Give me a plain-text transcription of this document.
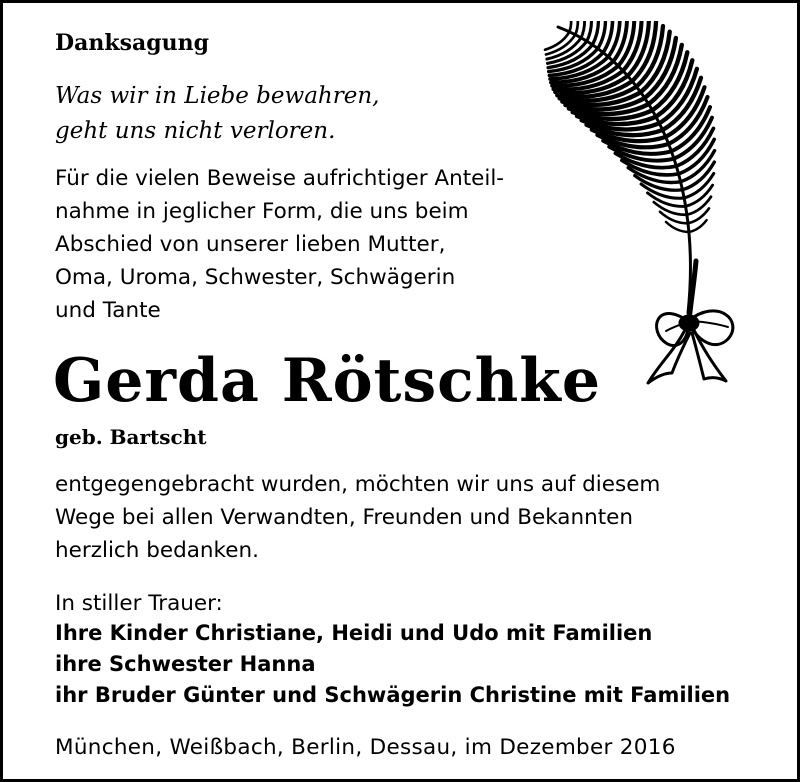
Danksagung

Was wir in Liebe bewahren,
geht uns nicht verloren.

Für die vielen Beweise aufrichtiger Anteil-
nahme in jeglicher Form, die uns beim
Abschied von unserer lieben Mutter,
Oma, Uroma, Schwester, Schwägerin
und Tante

Gerda Rötschke

geb. Bartscht

entgegengebracht wurden, möchten wir uns auf diesem
Wege bei allen Verwandten, Freunden und Bekannten
herzlich bedanken.

In stiller Trauer:

Ihre Kinder Christiane, Heidi und Udo mit Familien
ihre Schwester Hanna
ihr Bruder Günter und Schwägerin Christine mit Familien

München, Weißbach, Berlin, Dessau, im Dezember 2016
